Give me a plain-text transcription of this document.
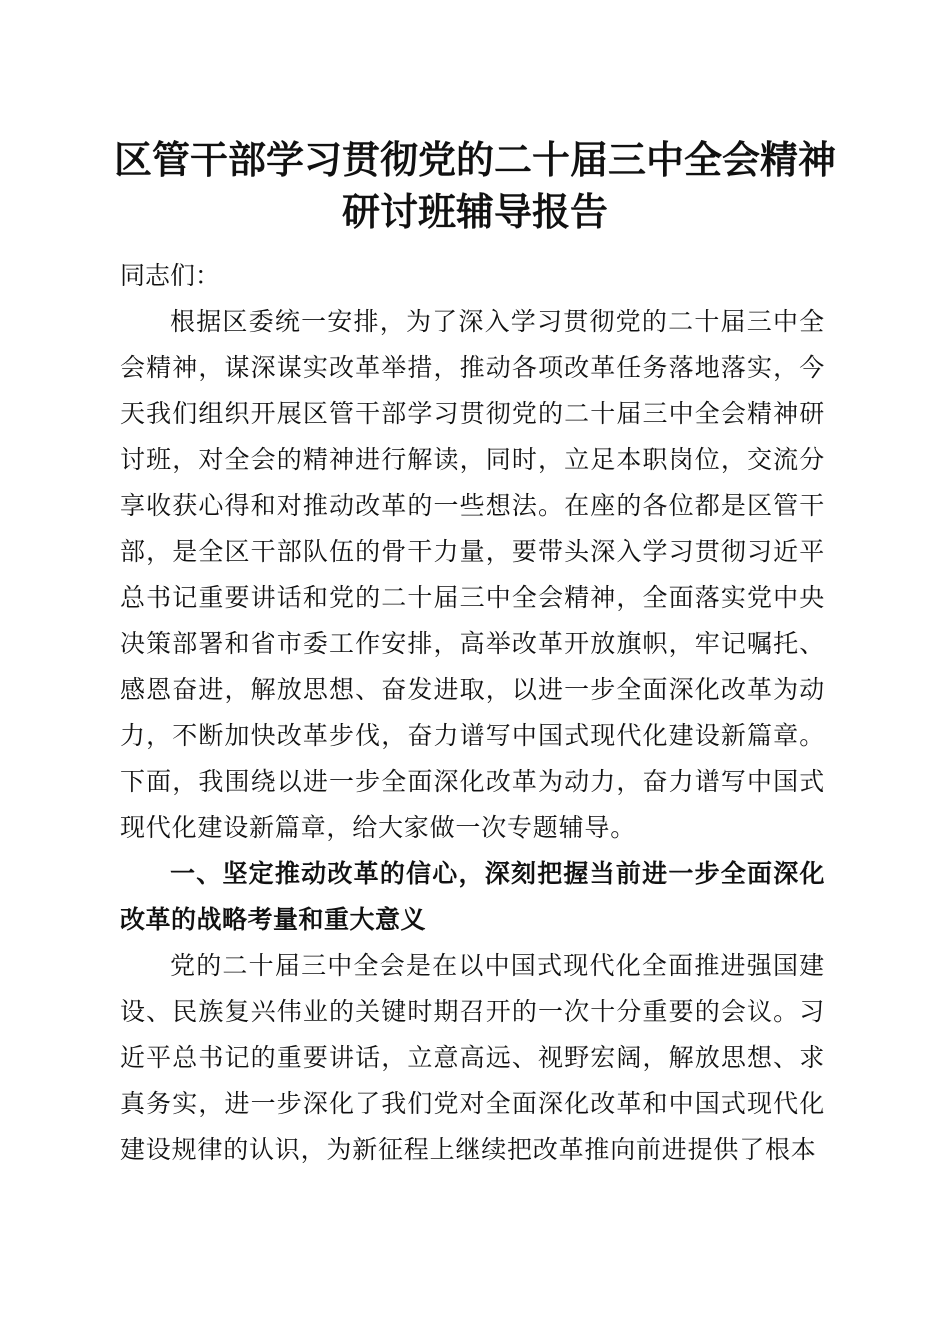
区管干部学习贯彻党的二十届三中全会精神研讨班辅导报告

同志们：

根据区委统一安排，为了深入学习贯彻党的二十届三中全会精神，谋深谋实改革举措，推动各项改革任务落地落实，今天我们组织开展区管干部学习贯彻党的二十届三中全会精神研讨班，对全会的精神进行解读，同时，立足本职岗位，交流分享收获心得和对推动改革的一些想法。在座的各位都是区管干部，是全区干部队伍的骨干力量，要带头深入学习贯彻习近平总书记重要讲话和党的二十届三中全会精神，全面落实党中央决策部署和省市委工作安排，高举改革开放旗帜，牢记嘱托、感恩奋进，解放思想、奋发进取，以进一步全面深化改革为动力，不断加快改革步伐，奋力谱写中国式现代化建设新篇章。下面，我围绕以进一步全面深化改革为动力，奋力谱写中国式现代化建设新篇章，给大家做一次专题辅导。

一、坚定推动改革的信心，深刻把握当前进一步全面深化改革的战略考量和重大意义

党的二十届三中全会是在以中国式现代化全面推进强国建设、民族复兴伟业的关键时期召开的一次十分重要的会议。习近平总书记的重要讲话，立意高远、视野宏阔，解放思想、求真务实，进一步深化了我们党对全面深化改革和中国式现代化建设规律的认识，为新征程上继续把改革推向前进提供了根本
